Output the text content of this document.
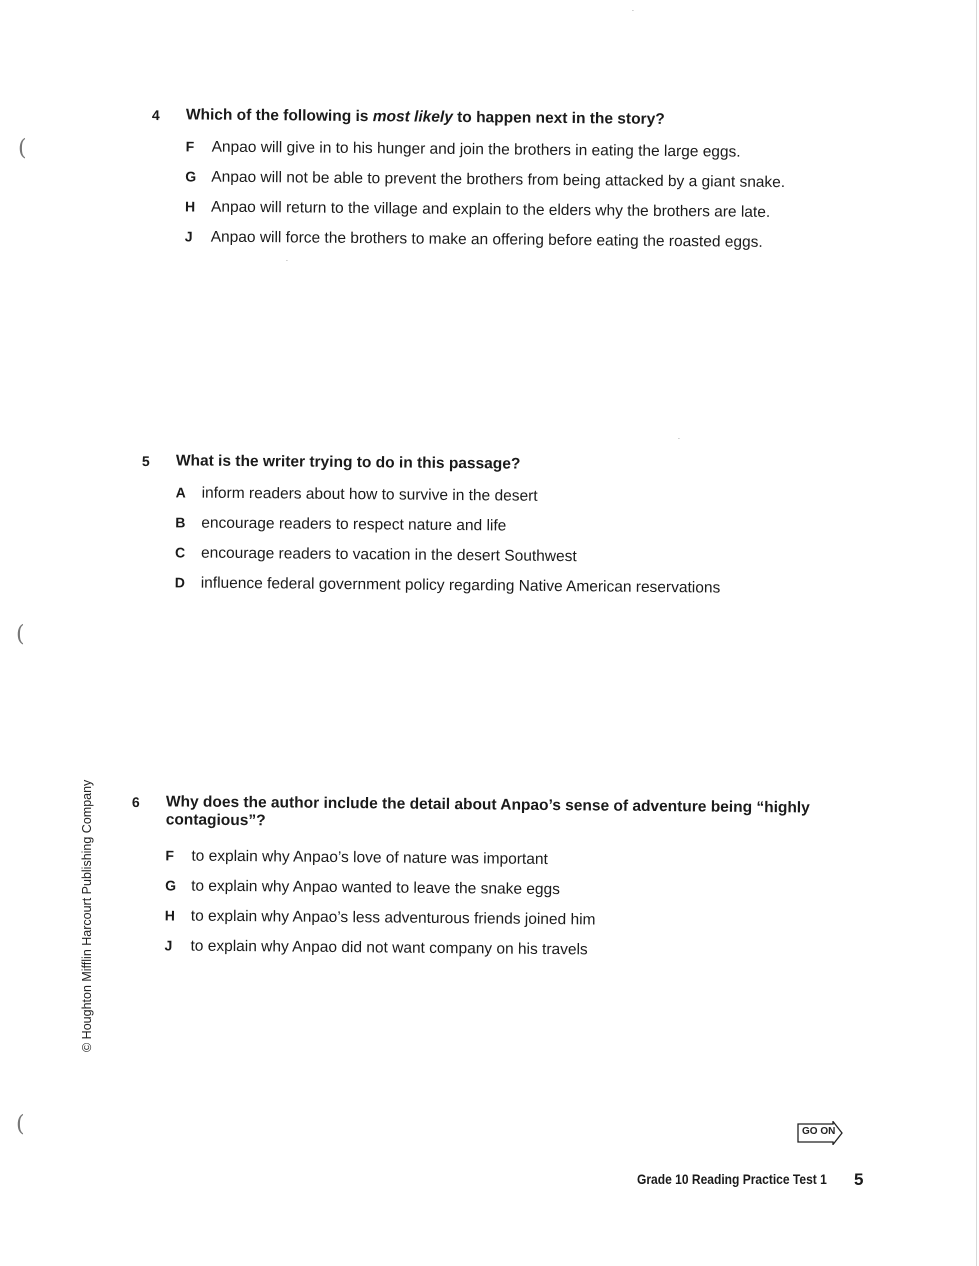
(
(
(
·
·
·
4	Which of the following is most likely to happen next in the story?
F	Anpao will give in to his hunger and join the brothers in eating the large eggs.
G Anpao will not be able to prevent the brothers from being attacked by a giant snake.
H	Anpao will return to the village and explain to the elders why the brothers are late.
J	Anpao will force the brothers to make an offering before eating the roasted eggs.
5	What is the writer trying to do in this passage?
A	inform readers about how to survive in the desert
B	encourage readers to respect nature and life
C	encourage readers to vacation in the desert Southwest
D	influence federal government policy regarding Native American reservations
6	Why does the author include the detail about Anpao’s sense of adventure being “highly contagious”?
F	to explain why Anpao’s love of nature was important
G to explain why Anpao wanted to leave the snake eggs
H	to explain why Anpao’s less adventurous friends joined him
J	to explain why Anpao did not want company on his travels
© Houghton Mifflin Harcourt Publishing Company
GO ON
Grade 10 Reading Practice Test 1 5
